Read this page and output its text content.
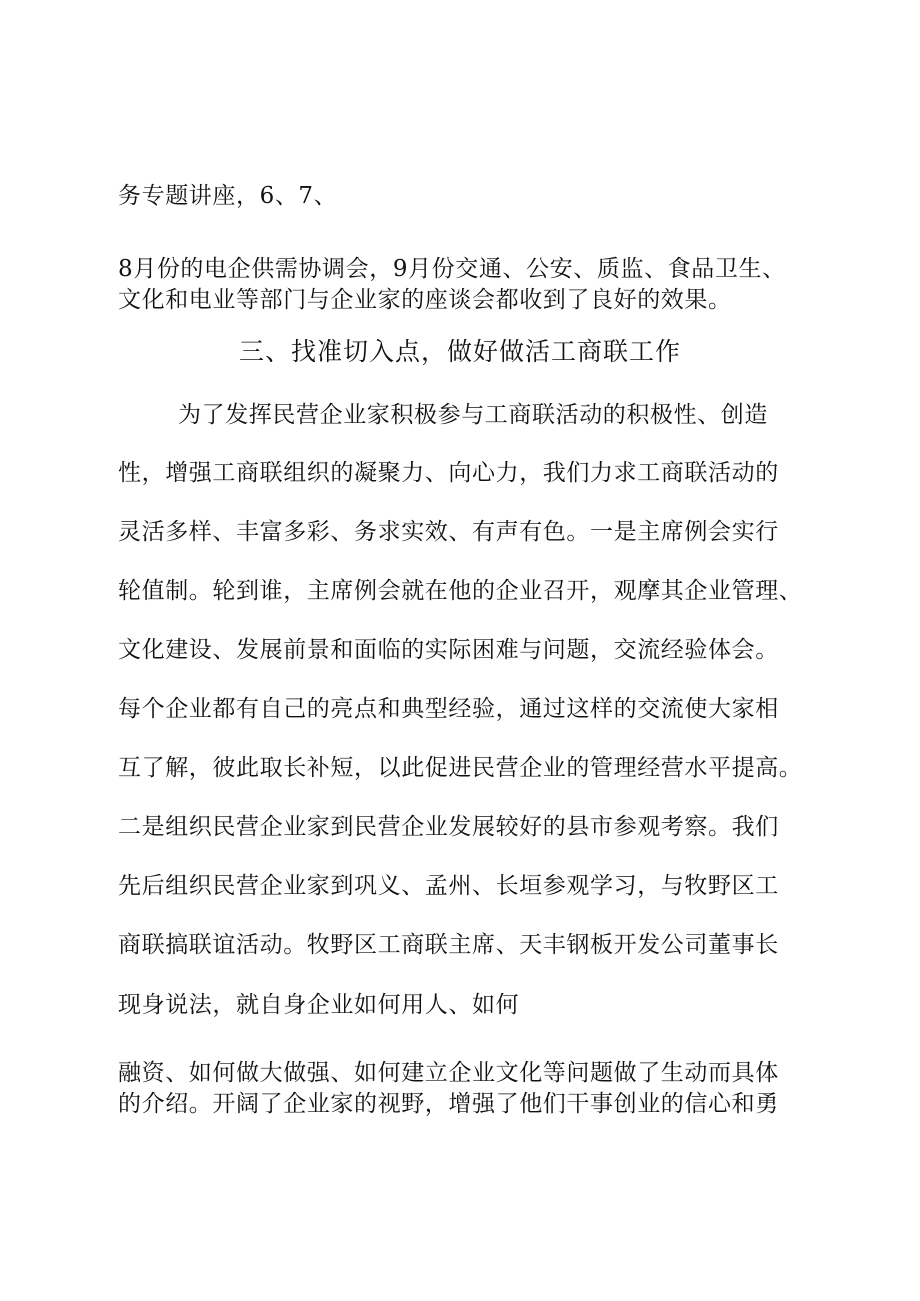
务专题讲座，6、7、
8月份的电企供需协调会，9月份交通、公安、质监、食品卫生、
文化和电业等部门与企业家的座谈会都收到了良好的效果。
三、找准切入点，做好做活工商联工作
为了发挥民营企业家积极参与工商联活动的积极性、创造
性，增强工商联组织的凝聚力、向心力，我们力求工商联活动的
灵活多样、丰富多彩、务求实效、有声有色。一是主席例会实行
轮值制。轮到谁，主席例会就在他的企业召开，观摩其企业管理、
文化建设、发展前景和面临的实际困难与问题，交流经验体会。
每个企业都有自己的亮点和典型经验，通过这样的交流使大家相
互了解，彼此取长补短，以此促进民营企业的管理经营水平提高。
二是组织民营企业家到民营企业发展较好的县市参观考察。我们
先后组织民营企业家到巩义、孟州、长垣参观学习，与牧野区工
商联搞联谊活动。牧野区工商联主席、天丰钢板开发公司董事长
现身说法，就自身企业如何用人、如何
融资、如何做大做强、如何建立企业文化等问题做了生动而具体
的介绍。开阔了企业家的视野，增强了他们干事创业的信心和勇
